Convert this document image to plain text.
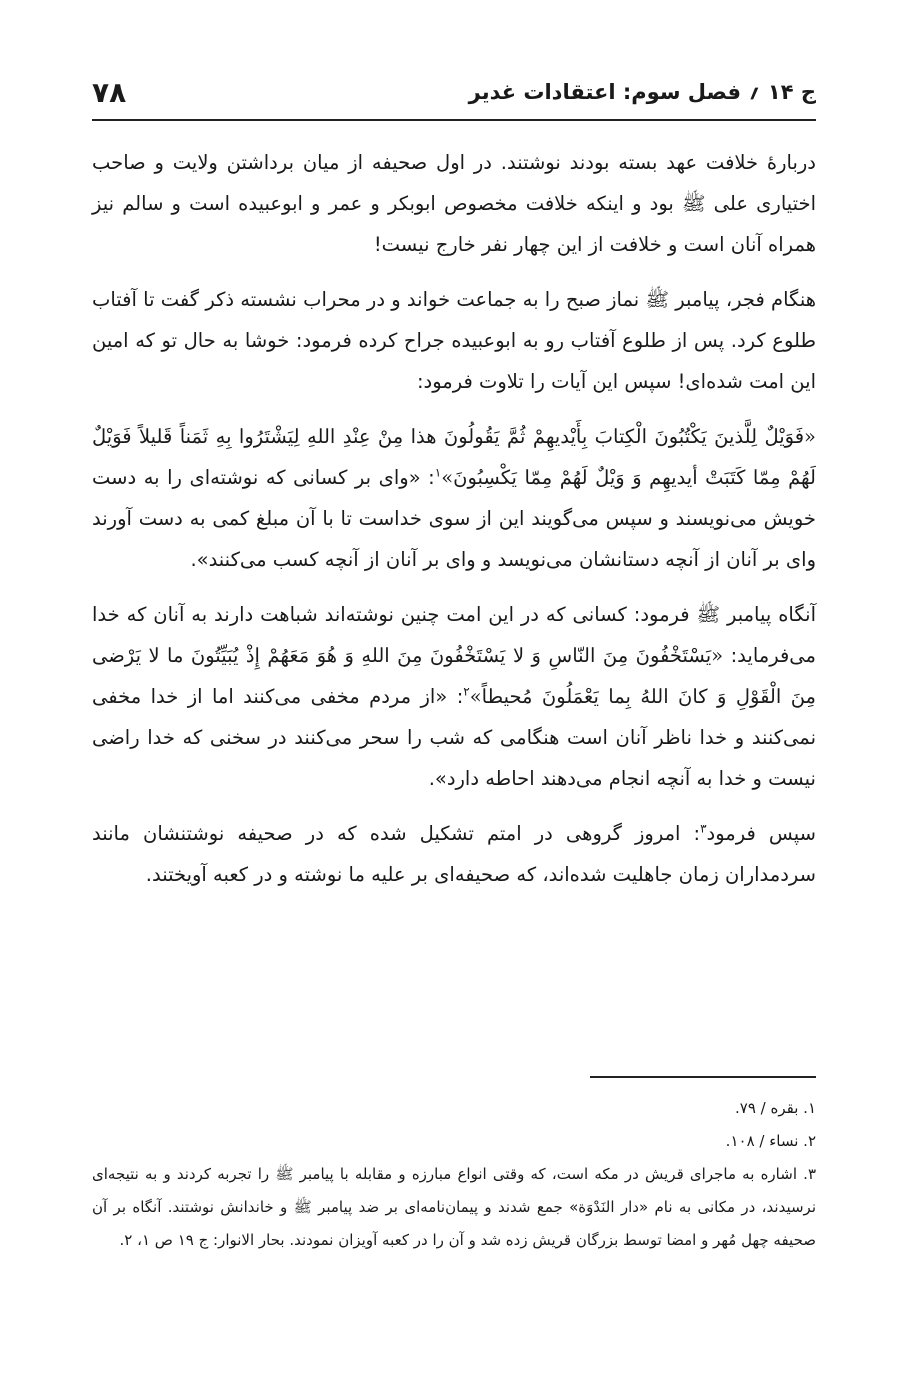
ج ۱۴ ؍ فصل سوم: اعتقادات غدیر
۷۸

دربارۀ خلافت عهد بسته بودند نوشتند. در اول صحیفه از میان برداشتن ولایت و صاحب اختیاری علی ﷺ بود و اینکه خلافت مخصوص ابوبکر و عمر و ابوعبیده است و سالم نیز همراه آنان است و خلافت از این چهار نفر خارج نیست!

هنگام فجر، پیامبر ﷺ نماز صبح را به جماعت خواند و در محراب نشسته ذکر گفت تا آفتاب طلوع کرد. پس از طلوع آفتاب رو به ابوعبیده جراح کرده فرمود: خوشا به حال تو که امین این امت شده‌ای! سپس این آیات را تلاوت فرمود:

«فَوَيْلٌ لِلَّذينَ يَكْتُبُونَ الْكِتابَ بِأَيْديهِمْ ثُمَّ يَقُولُونَ هذا مِنْ عِنْدِ اللهِ لِيَشْتَرُوا بِهِ ثَمَناً قَليلاً فَوَيْلٌ لَهُمْ مِمّا كَتَبَتْ أيديهِم وَ وَيْلٌ لَهُمْ مِمّا يَكْسِبُونَ»$^۱$: «وای بر کسانی که نوشته‌ای را به دست خویش می‌نویسند و سپس می‌گویند این از سوی خداست تا با آن مبلغ کمی به دست آورند وای بر آنان از آنچه دستانشان می‌نویسد و وای بر آنان از آنچه کسب می‌کنند».

آنگاه پیامبر ﷺ فرمود: کسانی که در این امت چنین نوشته‌اند شباهت دارند به آنان که خدا می‌فرماید: «يَسْتَخْفُونَ مِنَ النّاسِ وَ لا يَسْتَخْفُونَ مِنَ اللهِ وَ هُوَ مَعَهُمْ إِذْ يُبَيِّتُونَ ما لا يَرْضى مِنَ الْقَوْلِ وَ كانَ اللهُ بِما يَعْمَلُونَ مُحيطاً»$^۲$: «از مردم مخفی می‌کنند اما از خدا مخفی نمی‌کنند و خدا ناظر آنان است هنگامی که شب را سحر می‌کنند در سخنی که خدا راضی نیست و خدا به آنچه انجام می‌دهند احاطه دارد».

سپس فرمود$^۳$: امروز گروهی در امتم تشکیل شده که در صحیفه نوشتنشان مانند سردمداران زمان جاهلیت شده‌اند، که صحیفه‌ای بر علیه ما نوشته و در کعبه آویختند.

۱. بقره / ۷۹.

۲. نساء / ۱۰۸.

۳. اشاره به ماجرای قریش در مکه است، که وقتی انواع مبارزه و مقابله با پیامبر ﷺ را تجربه کردند و به نتیجه‌ای نرسیدند، در مکانی به نام «دار النَدْوَة» جمع شدند و پیمان‌نامه‌ای بر ضد پیامبر ﷺ و خاندانش نوشتند. آنگاه بر آن صحیفه چهل مُهر و امضا توسط بزرگان قریش زده شد و آن را در کعبه آویزان نمودند. بحار الانوار: ج ۱۹ ص ۱، ۲.
